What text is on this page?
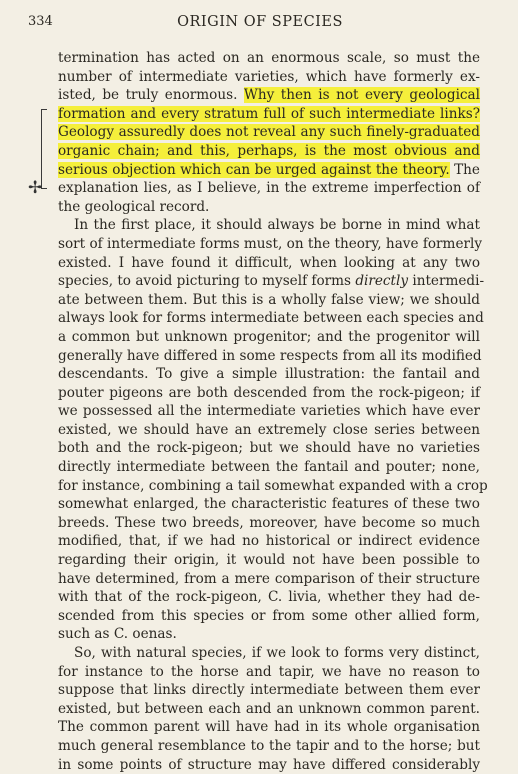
334	ORIGIN OF SPECIES
✢
termination has acted on an enormous scale, so must the
number of intermediate varieties, which have formerly ex-
isted, be truly enormous. Why then is not every geological
formation and every stratum full of such intermediate links?
Geology assuredly does not reveal any such finely-graduated
organic chain; and this, perhaps, is the most obvious and
serious objection which can be urged against the theory. The
explanation lies, as I believe, in the extreme imperfection of
the geological record.
In the first place, it should always be borne in mind what
sort of intermediate forms must, on the theory, have formerly
existed. I have found it difficult, when looking at any two
species, to avoid picturing to myself forms directly intermedi-
ate between them. But this is a wholly false view; we should
always look for forms intermediate between each species and
a common but unknown progenitor; and the progenitor will
generally have differed in some respects from all its modified
descendants. To give a simple illustration: the fantail and
pouter pigeons are both descended from the rock-pigeon; if
we possessed all the intermediate varieties which have ever
existed, we should have an extremely close series between
both and the rock-pigeon; but we should have no varieties
directly intermediate between the fantail and pouter; none,
for instance, combining a tail somewhat expanded with a crop
somewhat enlarged, the characteristic features of these two
breeds. These two breeds, moreover, have become so much
modified, that, if we had no historical or indirect evidence
regarding their origin, it would not have been possible to
have determined, from a mere comparison of their structure
with that of the rock-pigeon, C. livia, whether they had de-
scended from this species or from some other allied form,
such as C. oenas.
So, with natural species, if we look to forms very distinct,
for instance to the horse and tapir, we have no reason to
suppose that links directly intermediate between them ever
existed, but between each and an unknown common parent.
The common parent will have had in its whole organisation
much general resemblance to the tapir and to the horse; but
in some points of structure may have differed considerably
